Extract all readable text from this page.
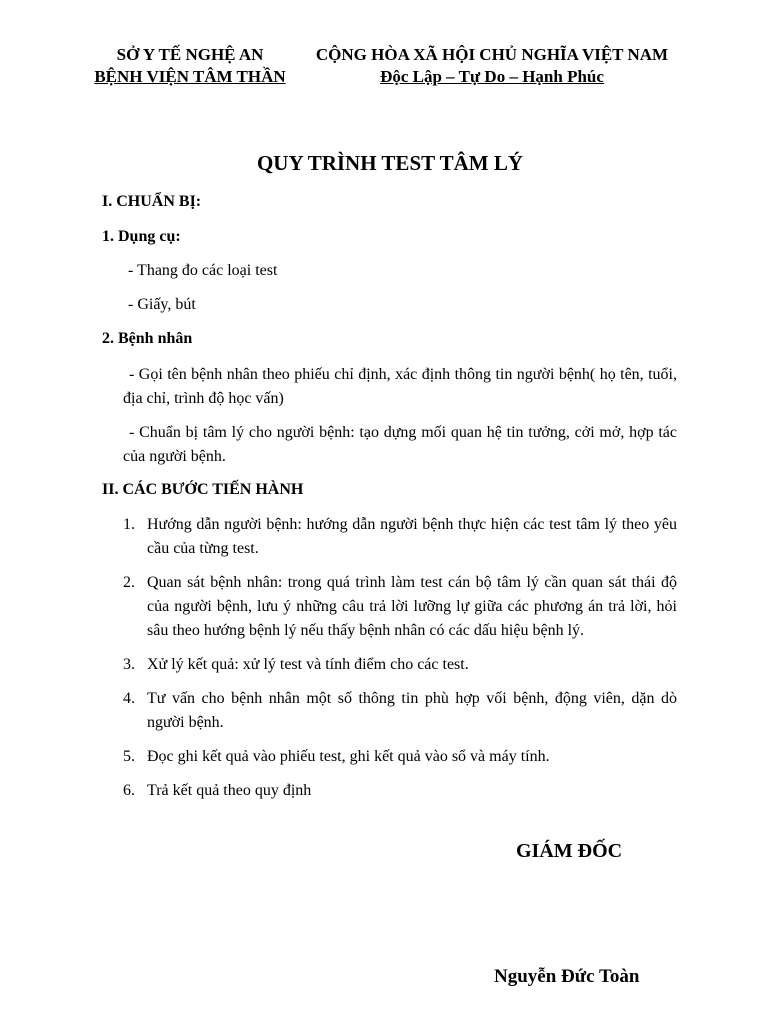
SỞ Y TẾ NGHỆ AN
BỆNH VIỆN TÂM THẦN
CỘNG HÒA XÃ HỘI CHỦ NGHĨA VIỆT NAM
Độc Lập – Tự Do – Hạnh Phúc
QUY TRÌNH TEST TÂM LÝ
I. CHUẨN BỊ:
1. Dụng cụ:
- Thang đo các loại test
- Giấy, bút
2. Bệnh nhân
- Gọi tên bệnh nhân theo phiếu chỉ định, xác định thông tin người bệnh( họ tên, tuổi, địa chỉ, trình độ học vấn)
- Chuẩn bị tâm lý cho người bệnh: tạo dựng mối quan hệ tin tưởng, cởi mở, hợp tác của người bệnh.
II. CÁC BƯỚC TIẾN HÀNH
1. Hướng dẫn người bệnh: hướng dẫn người bệnh thực hiện các test tâm lý theo yêu cầu của từng test.
2. Quan sát bệnh nhân: trong quá trình làm test cán bộ tâm lý cần quan sát thái độ của người bệnh, lưu ý những câu trả lời lưỡng lự giữa các phương án trả lời, hỏi sâu theo hướng bệnh lý nếu thấy bệnh nhân có các dấu hiệu bệnh lý.
3. Xử lý kết quả: xử lý test và tính điểm cho các test.
4. Tư vấn cho bệnh nhân một số thông tin phù hợp vối bệnh, động viên, dặn dò người bệnh.
5. Đọc ghi kết quả vào phiếu test, ghi kết quả vào sổ và máy tính.
6. Trả kết quả theo quy định
GIÁM ĐỐC
Nguyễn Đức Toàn
